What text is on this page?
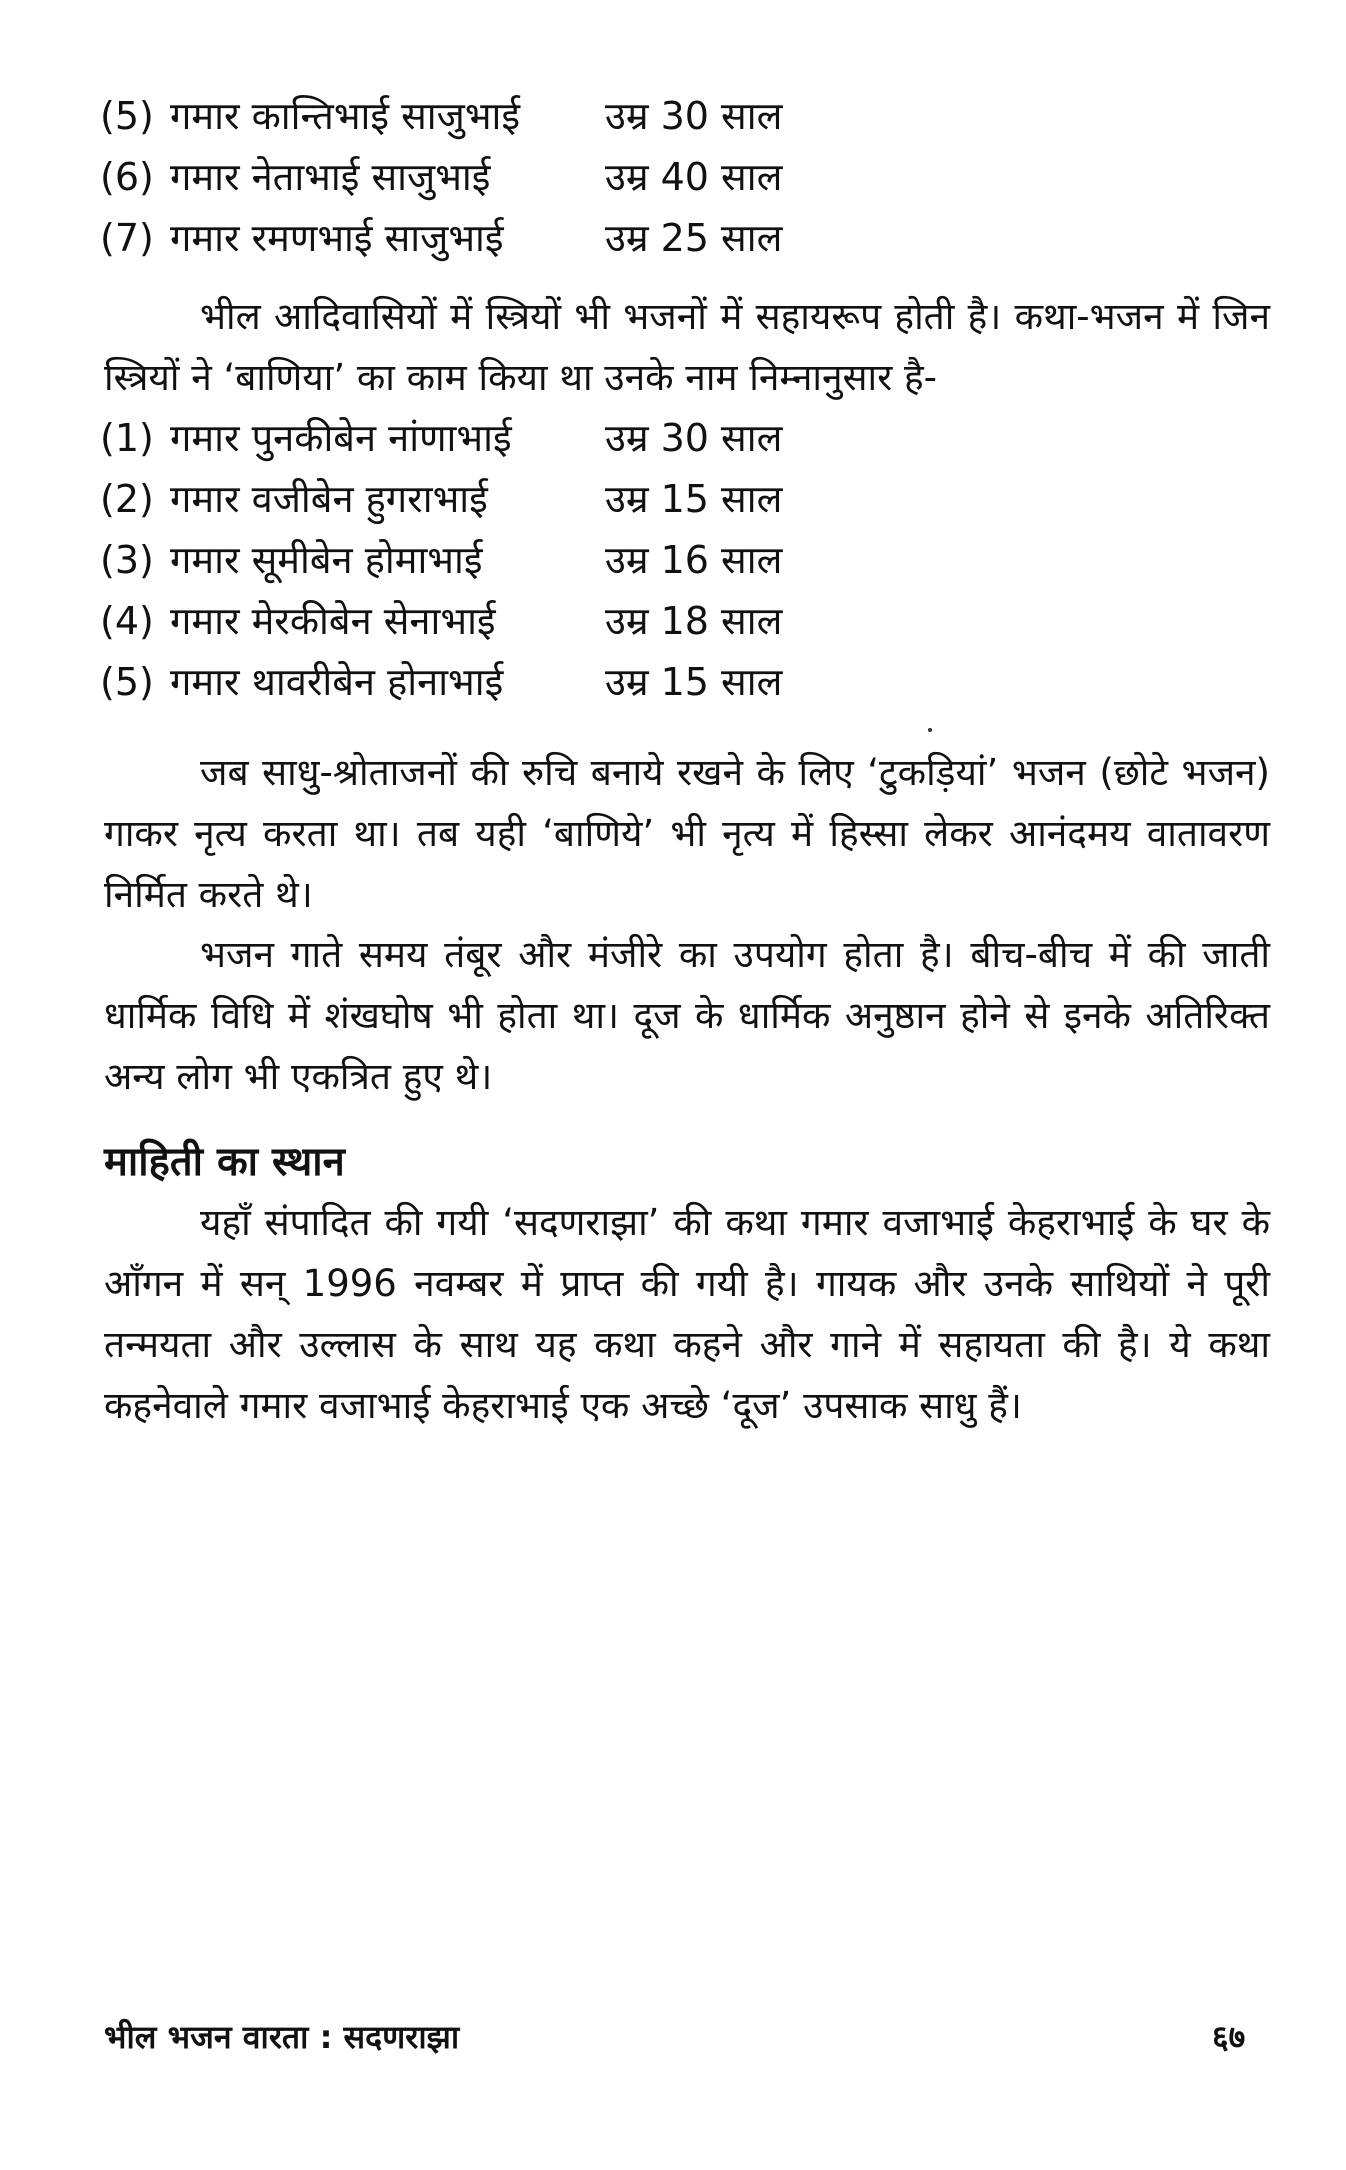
(5) गमार कान्तिभाई साजुभाई उम्र 30 साल
(6) गमार नेताभाई साजुभाई	उम्र 40 साल
(7) गमार रमणभाई साजुभाई	उम्र 25 साल

भील आदिवासियों में स्त्रियों भी भजनों में सहायरूप होती है। कथा-भजन में जिन स्त्रियों ने ‘बाणिया’ का काम किया था उनके नाम निम्नानुसार है-

(1) गमार पुनकीबेन नांणाभाई उम्र 30 साल
(2) गमार वजीबेन हुगराभाई	उम्र 15 साल
(3) गमार सूमीबेन होमाभाई	उम्र 16 साल
(4) गमार मेरकीबेन सेनाभाई	उम्र 18 साल
(5) गमार थावरीबेन होनाभाई	उम्र 15 साल

जब साधु-श्रोताजनों की रुचि बनाये रखने के लिए ‘टुकड़ियां’ भजन (छोटे भजन) गाकर नृत्य करता था। तब यही ‘बाणिये’ भी नृत्य में हिस्सा लेकर आनंदमय वातावरण निर्मित करते थे।

भजन गाते समय तंबूर और मंजीरे का उपयोग होता है। बीच-बीच में की जाती धार्मिक विधि में शंखघोष भी होता था। दूज के धार्मिक अनुष्ठान होने से इनके अतिरिक्त अन्य लोग भी एकत्रित हुए थे।

माहिती का स्थान

यहाँ संपादित की गयी ‘सदणराझा’ की कथा गमार वजाभाई केहराभाई के घर के आँगन में सन् 1996 नवम्बर में प्राप्त की गयी है। गायक और उनके साथियों ने पूरी तन्मयता और उल्लास के साथ यह कथा कहने और गाने में सहायता की है। ये कथा कहनेवाले गमार वजाभाई केहराभाई एक अच्छे ‘दूज’ उपसाक साधु हैं।

भील भजन वारता : सदणराझा	६७
